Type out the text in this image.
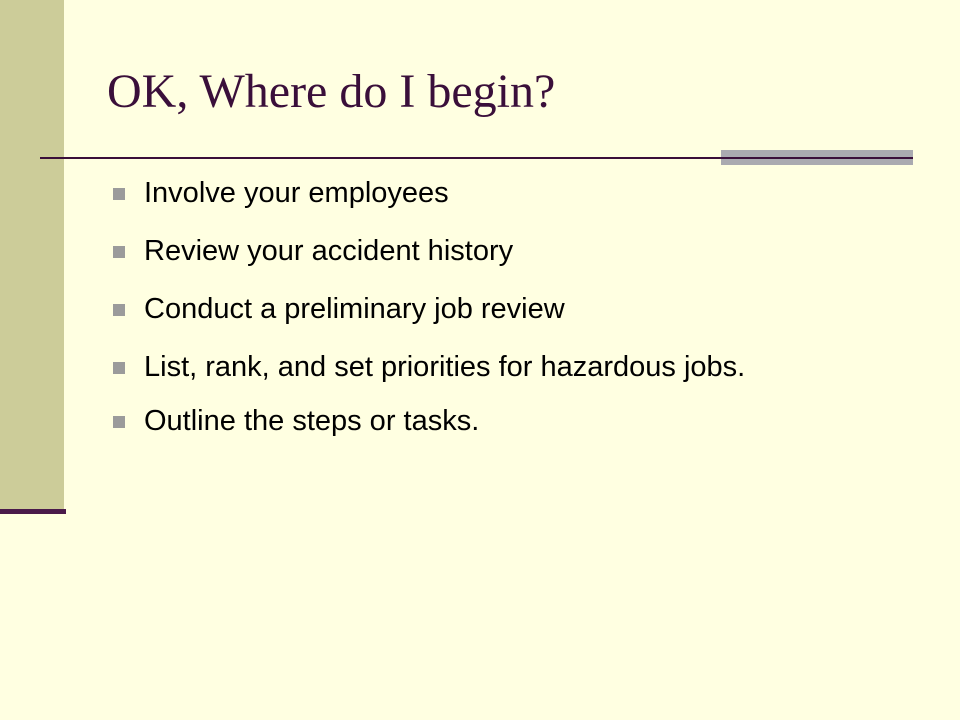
OK, Where do I begin?
Involve your employees
Review your accident history
Conduct a preliminary job review
List, rank, and set priorities for hazardous jobs.
Outline the steps or tasks.
